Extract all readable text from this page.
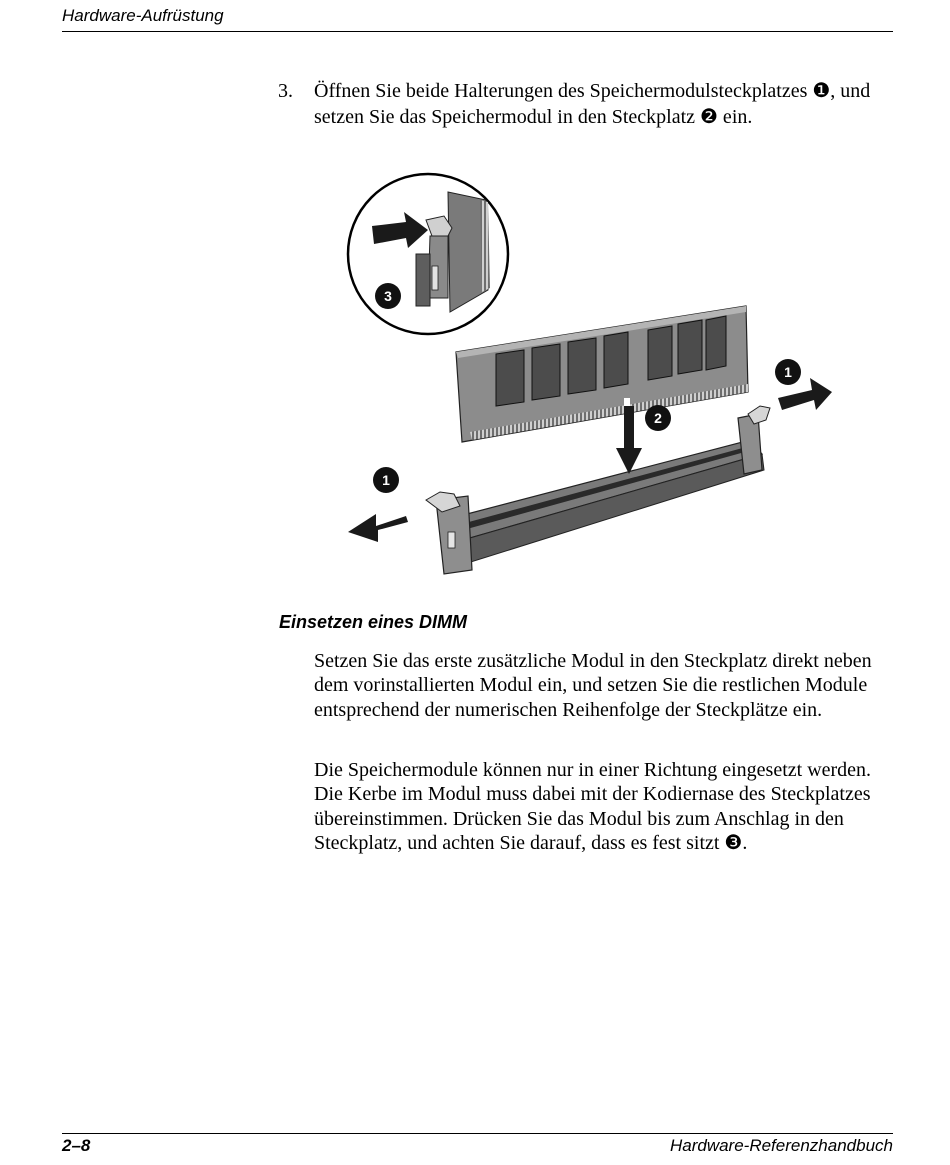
Hardware-Aufrüstung
3. Öffnen Sie beide Halterungen des Speichermodulsteckplatzes ❶, und setzen Sie das Speichermodul in den Steckplatz ❷ ein.
3
2
1
1
Einsetzen eines DIMM

Setzen Sie das erste zusätzliche Modul in den Steckplatz direkt neben dem vorinstallierten Modul ein, und setzen Sie die restlichen Module entsprechend der numerischen Reihenfolge der Steckplätze ein.

Die Speichermodule können nur in einer Richtung eingesetzt werden. Die Kerbe im Modul muss dabei mit der Kodiernase des Steckplatzes übereinstimmen. Drücken Sie das Modul bis zum Anschlag in den Steckplatz, und achten Sie darauf, dass es fest sitzt ❸.

2–8	Hardware-Referenzhandbuch
